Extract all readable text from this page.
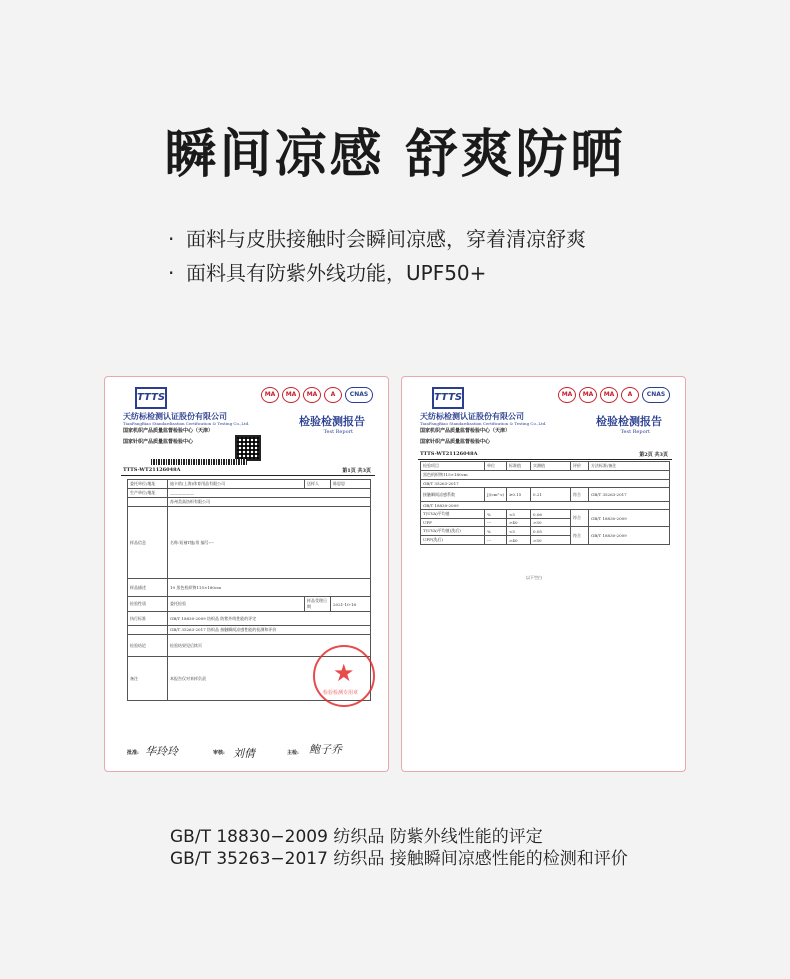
瞬间凉感 舒爽防晒
· 面料与皮肤接触时会瞬间凉感，穿着清凉舒爽
· 面料具有防紫外线功能，UPF50+
TTTS	MA	MA	MA	A	CNAS
天纺标检测认证股份有限公司
TianFangBiao Standardization Certification & Testing Co.,Ltd.
国家机织产品质量监督检验中心（天津）
国家针织产品质量监督检验中心
检验检测报告
Test Report
TTTS-WT21126048A	第1页 共3页
委托单位/地址	迪卡侬(上海)体育用品有限公司	送样人	陈思思
生产单位/地址	——————		
	苏州美高纺织有限公司		
样品信息	名称:短袖T恤/男 编号:---		
样品描述	19 黑色机织物115×180cm		
检验性质	委托检验	样品受理日期	2021-10-18
执行标准	GB/T 18830-2009 纺织品 防紫外线性能的评定		
	GB/T 35263-2017 纺织品 接触瞬间凉感性能的检测和评价		
检验结论	检验结果见后续页		
备注	本报告仅对来样负责			★
检验检测专用章
批准: 华玲玲	审核: 刘倩	主检: 鲍子乔
TTTS	MA	MA	MA	A	CNAS
天纺标检测认证股份有限公司
TianFangBiao Standardization Certification & Testing Co.,Ltd.
国家机织产品质量监督检验中心（天津）
国家针织产品质量监督检验中心
检验检测报告
Test Report
TTTS-WT21126048A	第2页 共3页
检验项目	单位	标准值	实测值	评价	方法标准/备注
黑色机织物115×180cm					
GB/T 35263-2017					
接触瞬间凉感系数	J/(cm²·s)	≥0.15	0.21	符合	GB/T 35263-2017
GB/T 18830-2009					
T(UVA)平均值	%	<5	0.06	符合	GB/T 18830-2009
UPF	---	>40	>50		
T(UVA)平均值(洗后)	%	<5	0.05	符合	GB/T 18830-2009
UPF(洗后)	---	>40	>50		
以下空白
GB/T 18830−2009 纺织品 防紫外线性能的评定
GB/T 35263−2017 纺织品 接触瞬间凉感性能的检测和评价
